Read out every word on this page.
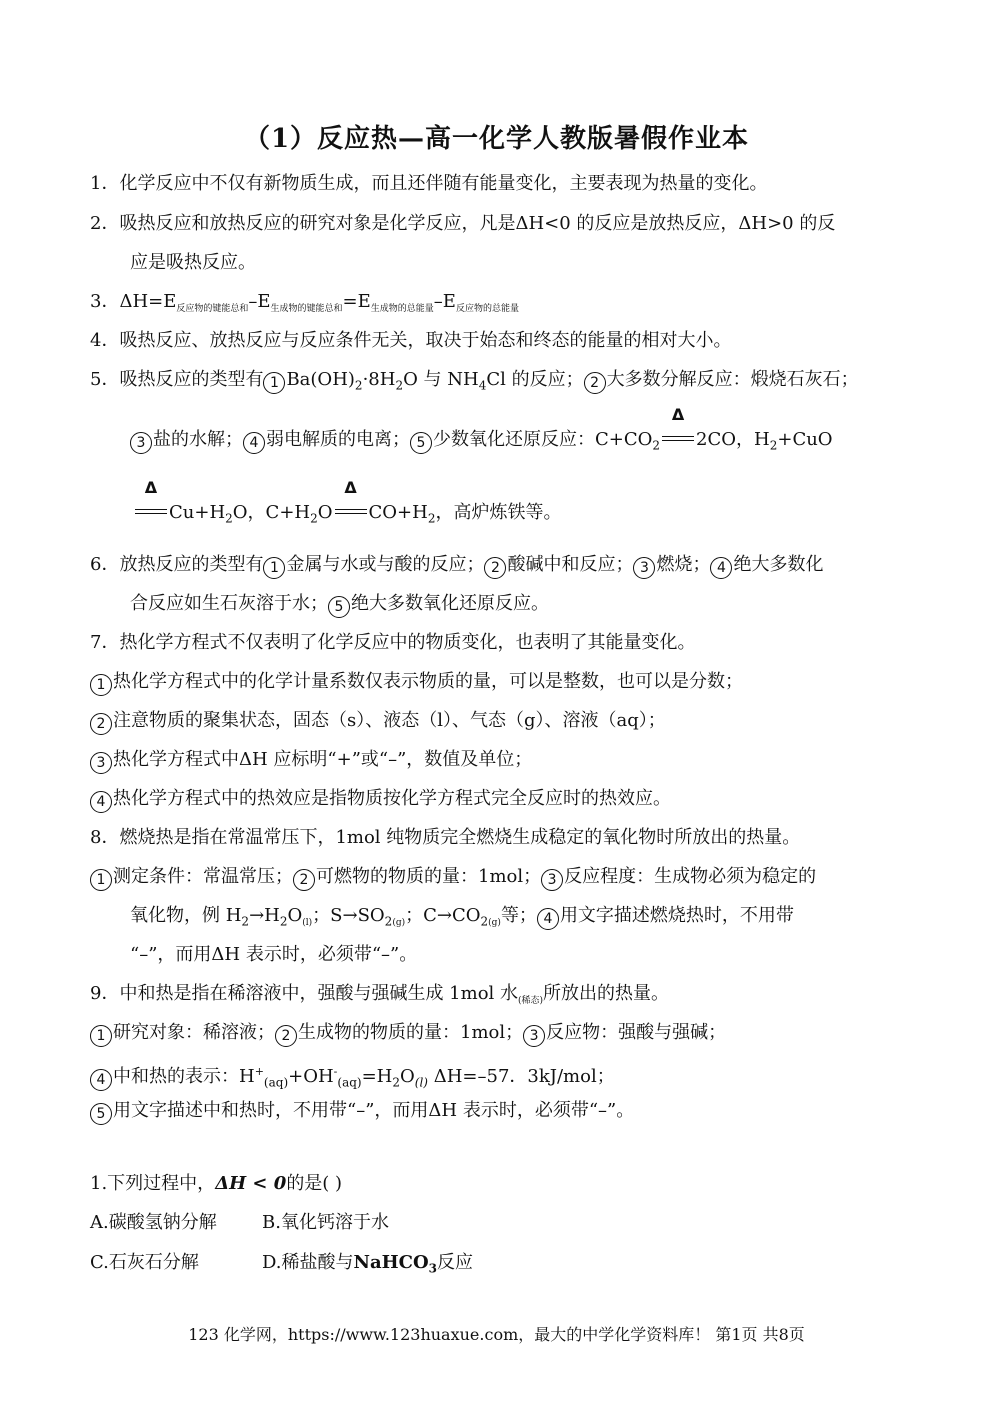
（1）反应热—高一化学人教版暑假作业本
1．化学反应中不仅有新物质生成，而且还伴随有能量变化，主要表现为热量的变化。
2．吸热反应和放热反应的研究对象是化学反应，凡是ΔH<0 的反应是放热反应，ΔH>0 的反
应是吸热反应。
3．$\Delta H=E_{反应物的键能总和}-E_{生成物的键能总和}=E_{生成物的总能量}-E_{反应物的总能量}$
4．吸热反应、放热反应与反应条件无关，取决于始态和终态的能量的相对大小。
5．吸热反应的类型有 1 $Ba(OH)_2\cdot 8H_2O$ 与 $NH_4Cl$ 的反应； 2 大多数分解反应：煅烧石灰石；
3 盐的水解； 4 弱电解质的电离； 5 少数氧化还原反应：$C+CO_2$
Δ
2CO，$H_2+CuO$
Δ
$Cu+H_2O$，$C+H_2O$
Δ
$CO+H_2$，高炉炼铁等。
6．放热反应的类型有 1 金属与水或与酸的反应； 2 酸碱中和反应； 3 燃烧； 4 绝大多数化
合反应如生石灰溶于水； 5 绝大多数氧化还原反应。
7．热化学方程式不仅表明了化学反应中的物质变化，也表明了其能量变化。
1 热化学方程式中的化学计量系数仅表示物质的量，可以是整数，也可以是分数；
2 注意物质的聚集状态，固态（s）、液态（l）、气态（g）、溶液（aq）；
3 热化学方程式中ΔH 应标明“+”或“–”，数值及单位；
4 热化学方程式中的热效应是指物质按化学方程式完全反应时的热效应。
8．燃烧热是指在常温常压下，1mol 纯物质完全燃烧生成稳定的氧化物时所放出的热量。
1 测定条件：常温常压； 2 可燃物的物质的量：1mol； 3 反应程度：生成物必须为稳定的
氧化物，例 $H_2\to H_2O_{(l)}$；$S\to SO_{2(g)}$；$C\to CO_{2(g)}$等； 4 用文字描述燃烧热时，不用带
“–”，而用ΔH 表示时，必须带“–”。
9．中和热是指在稀溶液中，强酸与强碱生成 1mol 水$_{(稀态)}$所放出的热量。
1 研究对象：稀溶液； 2 生成物的物质的量：1mol； 3 反应物：强酸与强碱；
4 中和热的表示：$H^+_{(aq)}+OH^-_{(aq)}=H_2O_{(l)}$ ΔH=–57．3kJ/mol；
5 用文字描述中和热时，不用带“–”，而用ΔH 表示时，必须带“–”。
1.下列过程中，ΔH < 0的是( )
A.碳酸氢钠分解	B.氧化钙溶于水
C.石灰石分解	D.稀盐酸与NaHCO$_3$反应
123 化学网，https://www.123huaxue.com，最大的中学化学资料库！ 第1页 共8页
